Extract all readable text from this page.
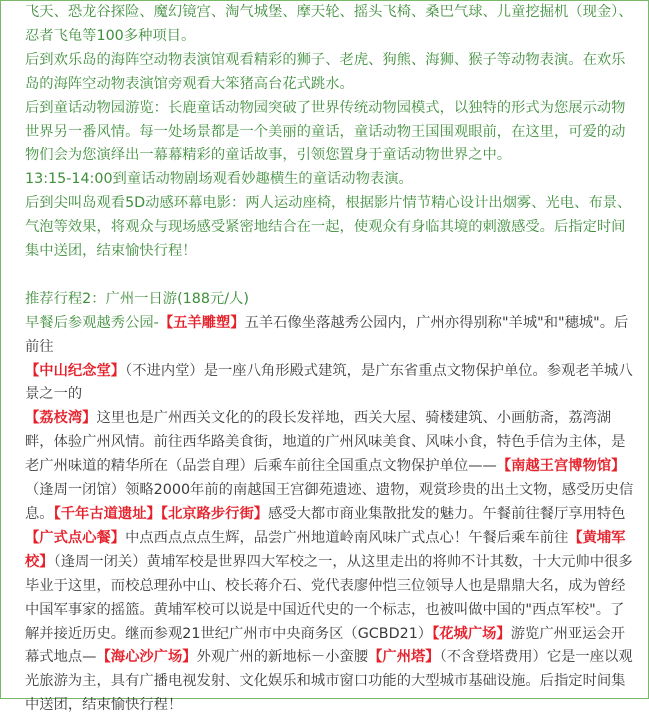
飞天、恐龙谷探险、魔幻镜宫、淘气城堡、摩天轮、摇头飞椅、桑巴气球、儿童挖掘机（现金）、忍者飞龟等100多种项目。

后到欢乐岛的海阵空动物表演馆观看精彩的狮子、老虎、狗熊、海狮、猴子等动物表演。在欢乐岛的海阵空动物表演馆旁观看大笨猪高台花式跳水。

后到童话动物园游览：长鹿童话动物园突破了世界传统动物园模式，以独特的形式为您展示动物世界另一番风情。每一处场景都是一个美丽的童话，童话动物王国围观眼前，在这里，可爱的动物们会为您演绎出一幕幕精彩的童话故事，引领您置身于童话动物世界之中。

13:15-14:00到童话动物剧场观看妙趣横生的童话动物表演。

后到尖叫岛观看5D动感环幕电影：两人运动座椅，根据影片情节精心设计出烟雾、光电、布景、气泡等效果，将观众与现场感受紧密地结合在一起，使观众有身临其境的刺激感受。后指定时间集中送团，结束愉快行程！

推荐行程2：广州一日游(188元/人)

早餐后参观越秀公园-【五羊雕塑】五羊石像坐落越秀公园内，广州亦得别称"羊城"和"穗城"。后前往

【中山纪念堂】（不进内堂）是一座八角形殿式建筑，是广东省重点文物保护单位。参观老羊城八景之一的

【荔枝湾】这里也是广州西关文化的的段长发祥地，西关大屋、骑楼建筑、小画舫斋，荔湾湖畔，体验广州风情。前往西华路美食街，地道的广州风味美食、风味小食，特色手信为主体，是老广州味道的精华所在（品尝自理）后乘车前往全国重点文物保护单位——【南越王宫博物馆】（逢周一闭馆）领略2000年前的南越国王宫御苑遗迹、遗物，观赏珍贵的出土文物，感受历史信息。【千年古道遗址】【北京路步行街】感受大都市商业集散批发的魅力。午餐前往餐厅享用特色【广式点心餐】中点西点点点生辉，品尝广州地道岭南风味广式点心！午餐后乘车前往【黄埔军校】（逢周一闭关）黄埔军校是世界四大军校之一，从这里走出的将帅不计其数，十大元帅中很多毕业于这里，而校总理孙中山、校长蒋介石、党代表廖仲恺三位领导人也是鼎鼎大名，成为曾经中国军事家的摇篮。黄埔军校可以说是中国近代史的一个标志，也被叫做中国的"西点军校"。了解并接近历史。继而参观21世纪广州市中央商务区（GCBD21）【花城广场】游览广州亚运会开幕式地点—【海心沙广场】外观广州的新地标－小蛮腰【广州塔】（不含登塔费用）它是一座以观光旅游为主，具有广播电视发射、文化娱乐和城市窗口功能的大型城市基础设施。后指定时间集中送团，结束愉快行程！
